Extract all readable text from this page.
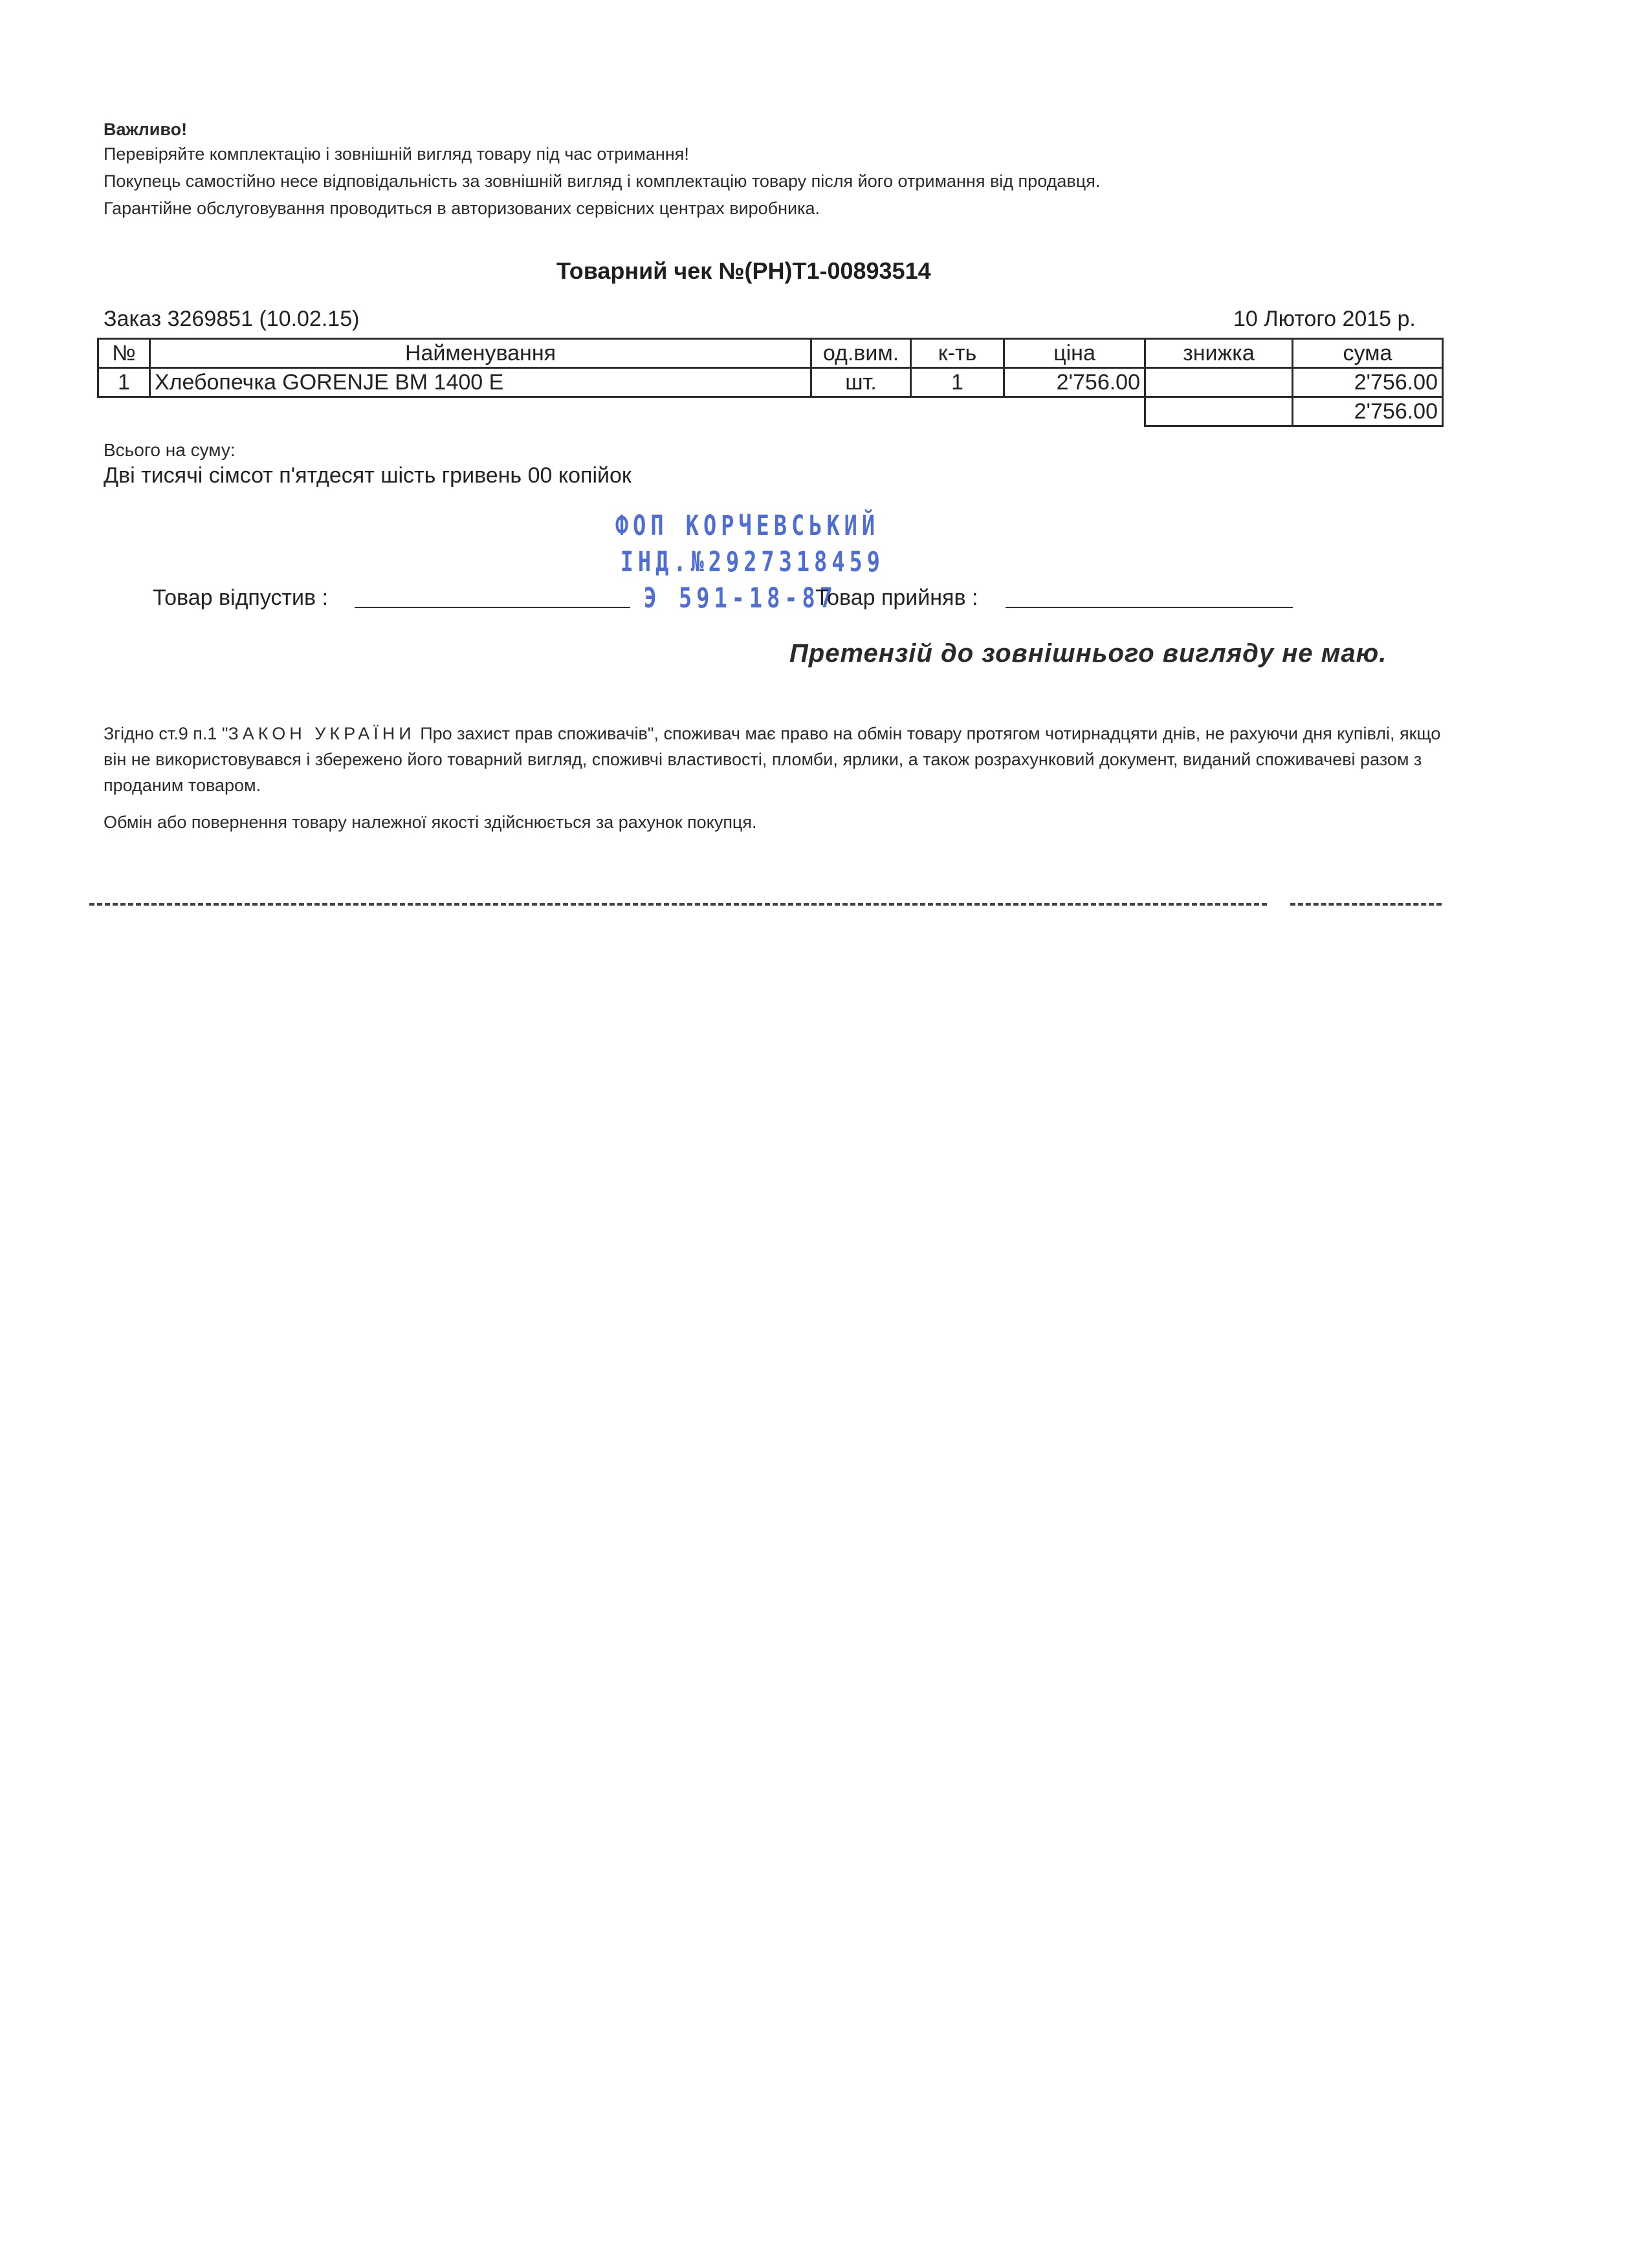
Важливо!
Перевіряйте комплектацію і зовнішній вигляд товару під час отримання!
Покупець самостійно несе відповідальність за зовнішній вигляд і комплектацію товару після його отримання від продавця.
Гарантійне обслуговування проводиться в авторизованих сервісних центрах виробника.
Товарний чек №(РН)Т1-00893514
Заказ 3269851 (10.02.15)	10 Лютого 2015 р.
№	Найменування	од.вим.	к-ть	ціна	знижка	сума
1	Хлебопечка GORENJE BM 1400 E	шт.	1	2'756.00		2'756.00
						2'756.00
Всього на суму:
Дві тисячі сімсот п'ятдесят шість гривень 00 копійок
ФОП КОРЧЕВСЬКИЙ
ІНД.№2927318459
Э 591-18-87
Товар відпустив :	Товар прийняв :
Претензій до зовнішнього вигляду не маю.
Згідно ст.9 п.1 "ЗАКОН УКРАЇНИ Про захист прав споживачів", споживач має право на обмін товару протягом чотирнадцяти днів, не рахуючи дня купівлі, якщо він не використовувався і збережено його товарний вигляд, споживчі властивості, пломби, ярлики, а також розрахунковий документ, виданий споживачеві разом з проданим товаром.
Обмін або повернення товару належної якості здійснюється за рахунок покупця.
